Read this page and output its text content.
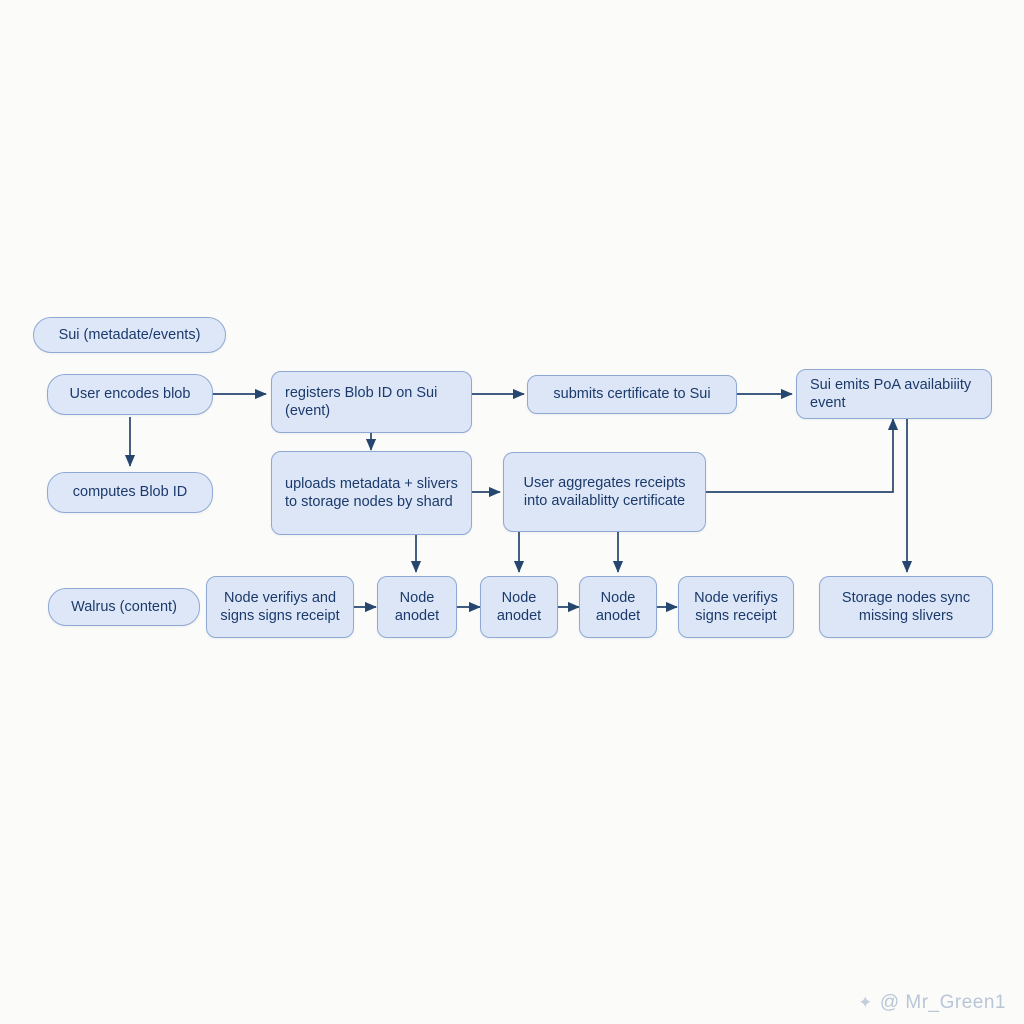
Sui (metadate/events)
Walrus (content)
User encodes blob	registers Blob ID on Sui (event)
submits certificate to Sui
Sui emits PoA availabiiity event
computes Blob ID
uploads metadata + slivers to storage nodes by shard
User aggregates receipts into availablitty certificate
Node verifiys and signs signs receipt
Node anodet
Node anodet
Node anodet
Node verifiys signs receipt
Storage nodes sync missing slivers
✦ @ Mr_Green1
